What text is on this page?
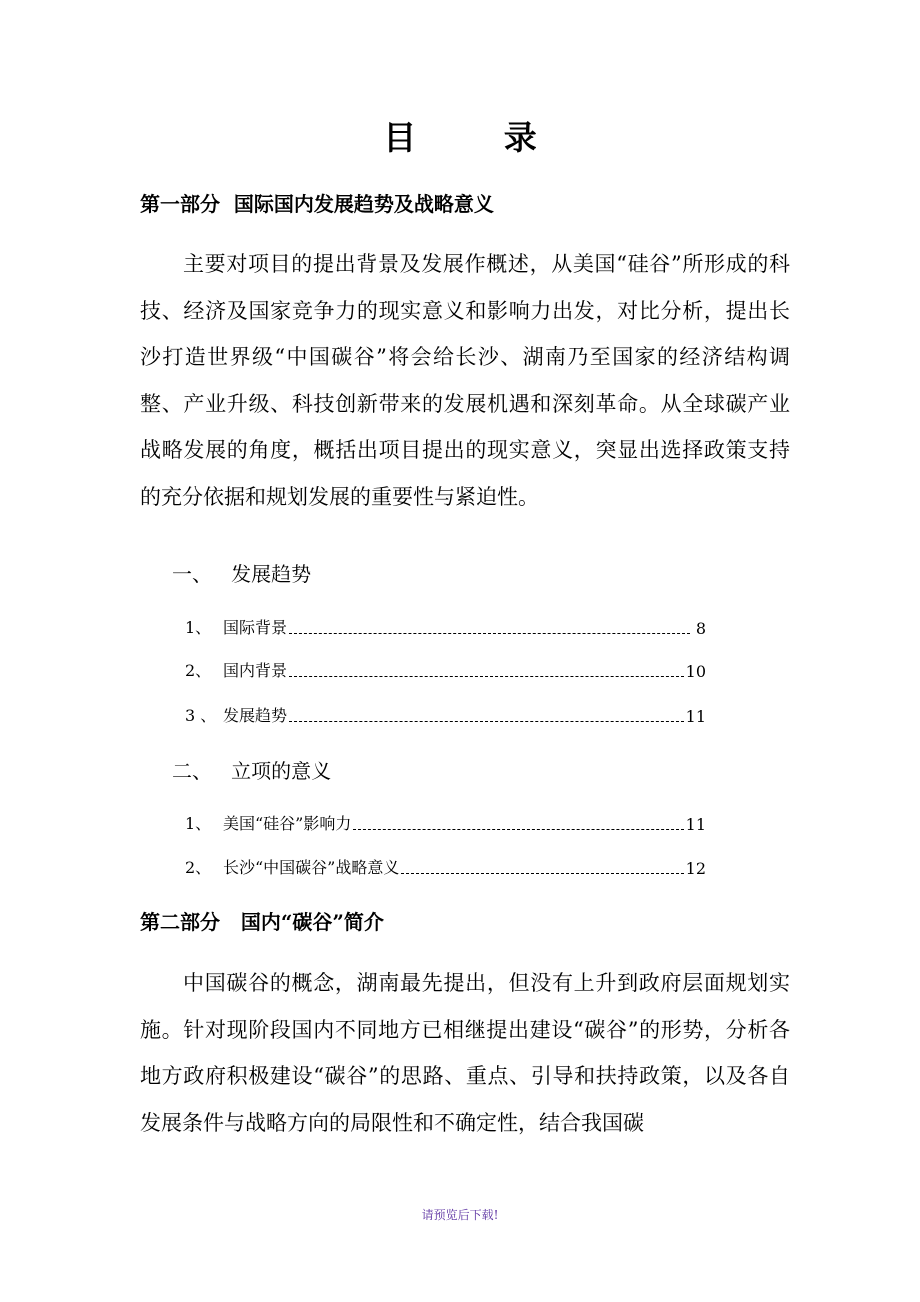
目 录
第一部分  国际国内发展趋势及战略意义
主要对项目的提出背景及发展作概述，从美国“硅谷”所形成的科技、经济及国家竞争力的现实意义和影响力出发，对比分析，提出长沙打造世界级“中国碳谷”将会给长沙、湖南乃至国家的经济结构调整、产业升级、科技创新带来的发展机遇和深刻革命。从全球碳产业战略发展的角度，概括出项目提出的现实意义，突显出选择政策支持的充分依据和规划发展的重要性与紧迫性。
一、   发展趋势
1、 国际背景	8
2、 国内背景	10
3 、 发展趋势	11
二、   立项的意义
1、 美国“硅谷”影响力	11
2、 长沙“中国碳谷”战略意义	12
第二部分   国内“碳谷”简介
中国碳谷的概念，湖南最先提出，但没有上升到政府层面规划实施。针对现阶段国内不同地方已相继提出建设“碳谷”的形势，分析各地方政府积极建设“碳谷”的思路、重点、引导和扶持政策，以及各自发展条件与战略方向的局限性和不确定性，结合我国碳
请预览后下载!
